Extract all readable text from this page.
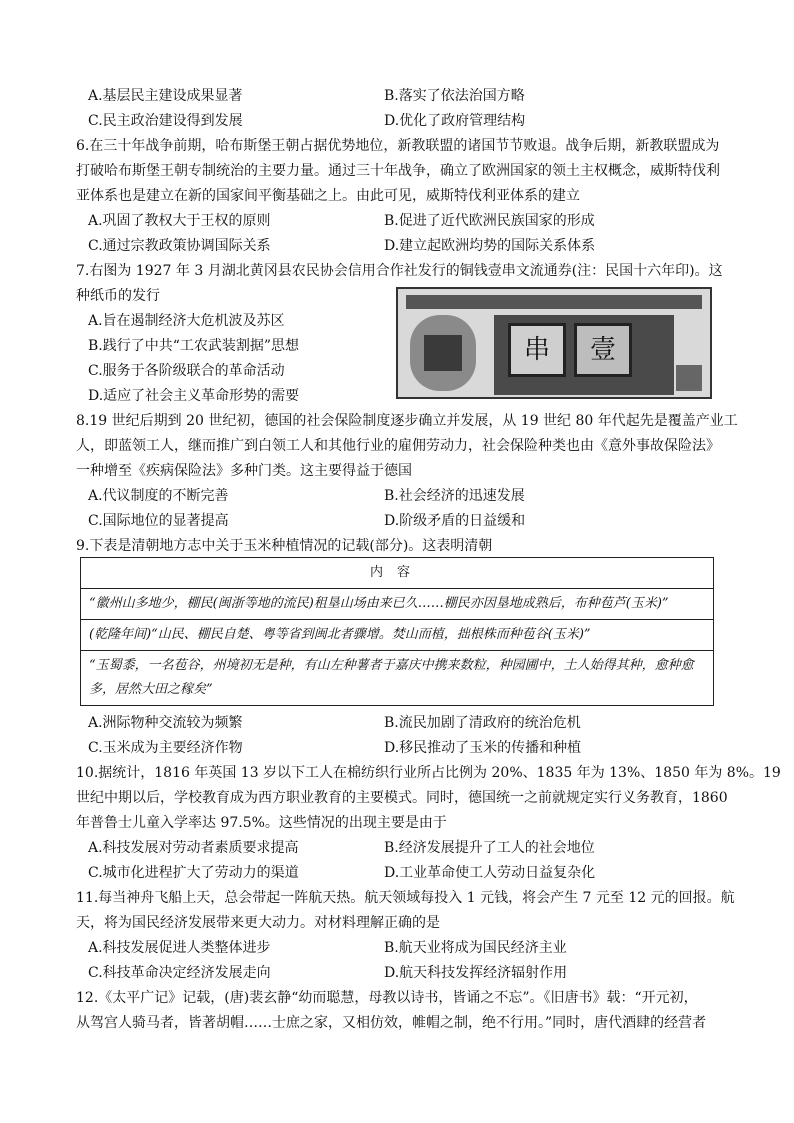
A.基层民主建设成果显著	B.落实了依法治国方略
C.民主政治建设得到发展	D.优化了政府管理结构
6.在三十年战争前期，哈布斯堡王朝占据优势地位，新教联盟的诸国节节败退。战争后期，新教联盟成为
打破哈布斯堡王朝专制统治的主要力量。通过三十年战争，确立了欧洲国家的领土主权概念，威斯特伐利
亚体系也是建立在新的国家间平衡基础之上。由此可见，威斯特伐利亚体系的建立
A.巩固了教权大于王权的原则	B.促进了近代欧洲民族国家的形成
C.通过宗教政策协调国际关系	D.建立起欧洲均势的国际关系体系
7.右图为 1927 年 3 月湖北黄冈县农民协会信用合作社发行的铜钱壹串文流通券(注：民国十六年印)。这
种纸币的发行
A.旨在遏制经济大危机波及苏区
B.践行了中共“工农武装割据”思想
C.服务于各阶级联合的革命活动
D.适应了社会主义革命形势的需要
串	壹
8.19 世纪后期到 20 世纪初，德国的社会保险制度逐步确立并发展，从 19 世纪 80 年代起先是覆盖产业工
人，即蓝领工人，继而推广到白领工人和其他行业的雇佣劳动力，社会保险种类也由《意外事故保险法》
一种增至《疾病保险法》多种门类。这主要得益于德国
A.代议制度的不断完善	B.社会经济的迅速发展
C.国际地位的显著提高	D.阶级矛盾的日益缓和
9.下表是清朝地方志中关于玉米种植情况的记载(部分)。这表明清朝
内容
“徽州山多地少，棚民(闽浙等地的流民)租垦山场由来已久……棚民亦因垦地成熟后，布种苞芦(玉米)”
(乾隆年间)“山民、棚民自楚、粤等省到闽北者骤增。焚山而植，拙根株而种苞谷(玉米)”
“玉蜀黍，一名苞谷，州境初无是种，有山左种薯者于嘉庆中携来数粒，种园圃中，土人始得其种，愈种愈多，居然大田之稼矣”
A.洲际物种交流较为频繁	B.流民加剧了清政府的统治危机
C.玉米成为主要经济作物	D.移民推动了玉米的传播和种植
10.据统计，1816 年英国 13 岁以下工人在棉纺织行业所占比例为 20%、1835 年为 13%、1850 年为 8%。19
世纪中期以后，学校教育成为西方职业教育的主要模式。同时，德国统一之前就规定实行义务教育，1860
年普鲁士儿童入学率达 97.5%。这些情况的出现主要是由于
A.科技发展对劳动者素质要求提高	B.经济发展提升了工人的社会地位
C.城市化进程扩大了劳动力的渠道	D.工业革命使工人劳动日益复杂化
11.每当神舟飞船上天，总会带起一阵航天热。航天领域每投入 1 元钱，将会产生 7 元至 12 元的回报。航
天，将为国民经济发展带来更大动力。对材料理解正确的是
A.科技发展促进人类整体进步	B.航天业将成为国民经济主业
C.科技革命决定经济发展走向	D.航天科技发挥经济辐射作用
12.《太平广记》记载，(唐)裴玄静“幼而聪慧，母教以诗书，皆诵之不忘”。《旧唐书》载：“开元初，
从驾宫人骑马者，皆著胡帽……士庶之家，又相仿效，帷帽之制，绝不行用。”同时，唐代酒肆的经营者
